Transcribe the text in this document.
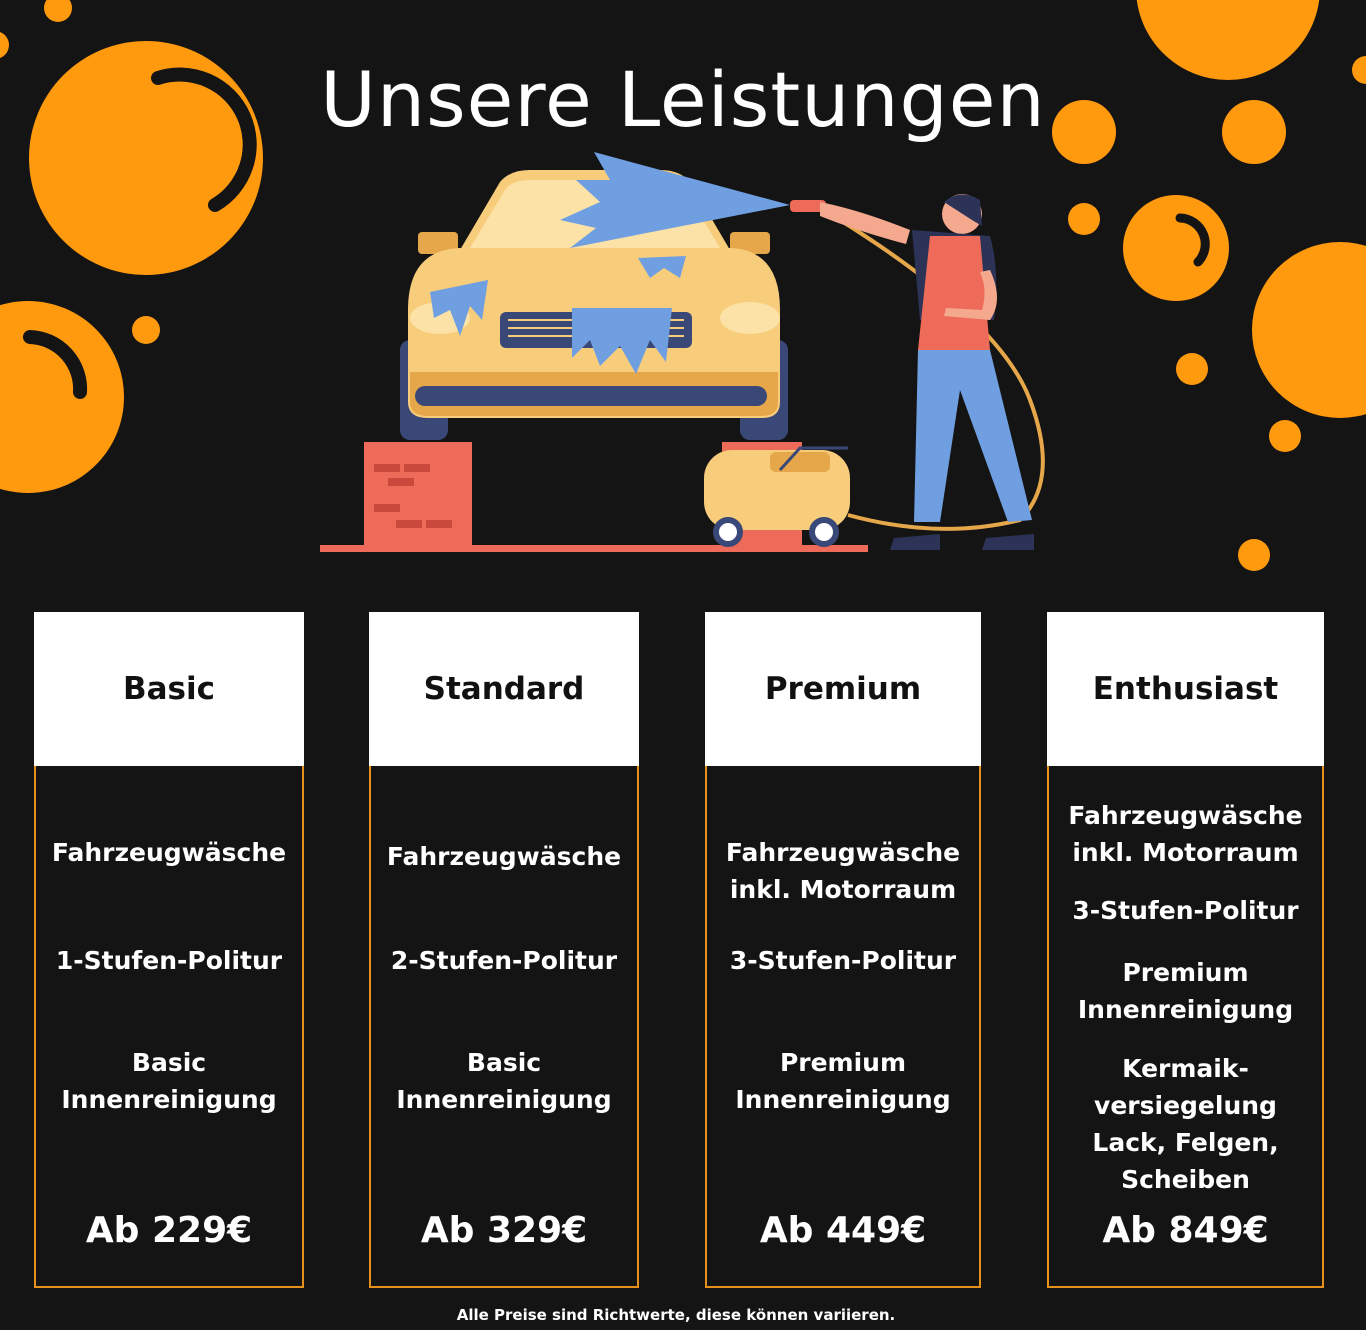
Unsere Leistungen
Basic
Fahrzeugwäsche
1-Stufen-Politur
Basic
Innenreinigung
Ab 229€
Standard
Fahrzeugwäsche
2-Stufen-Politur
Basic
Innenreinigung
Ab 329€
Premium
Fahrzeugwäsche
inkl. Motorraum
3-Stufen-Politur
Premium
Innenreinigung
Ab 449€
Enthusiast
Fahrzeugwäsche
inkl. Motorraum
3-Stufen-Politur
Premium
Innenreinigung
Kermaik-
versiegelung
Lack, Felgen,
Scheiben
Ab 849€
Alle Preise sind Richtwerte, diese können variieren.
